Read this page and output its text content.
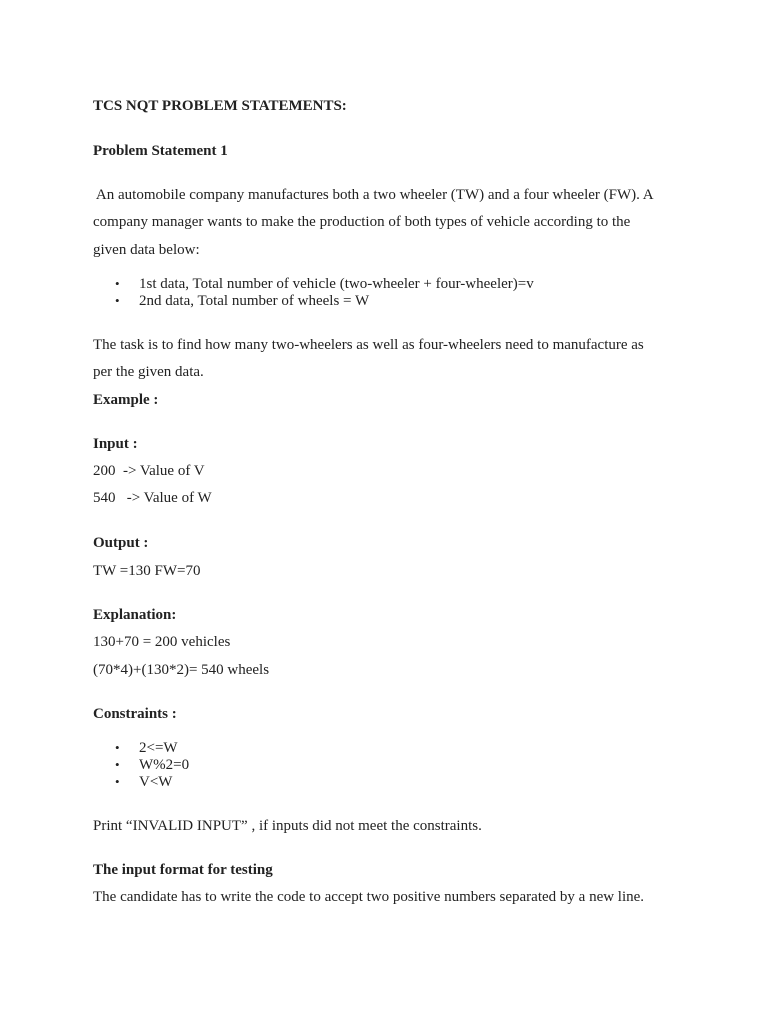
TCS NQT PROBLEM STATEMENTS:
Problem Statement 1
An automobile company manufactures both a two wheeler (TW) and a four wheeler (FW). A
company manager wants to make the production of both types of vehicle according to the
given data below:
• 1st data, Total number of vehicle (two-wheeler + four-wheeler)=v
• 2nd data, Total number of wheels = W
The task is to find how many two-wheelers as well as four-wheelers need to manufacture as
per the given data.
Example :
Input :
200  -> Value of V
540   -> Value of W
Output :
TW =130 FW=70
Explanation:
130+70 = 200 vehicles
(70*4)+(130*2)= 540 wheels
Constraints :
• 2<=W
• W%2=0
• V<W
Print “INVALID INPUT” , if inputs did not meet the constraints.
The input format for testing
The candidate has to write the code to accept two positive numbers separated by a new line.
